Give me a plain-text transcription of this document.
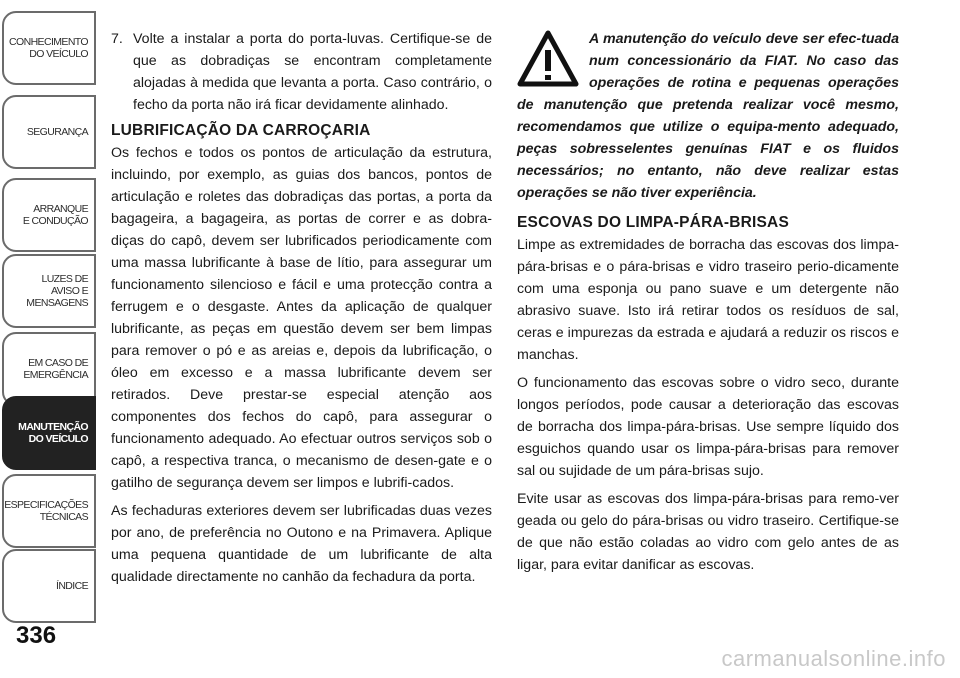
CONHECIMENTO
DO VEÍCULO
SEGURANÇA
ARRANQUE
E CONDUÇÃO
LUZES DE
AVISO E
MENSAGENS
EM CASO DE
EMERGÊNCIA
MANUTENÇÃO
DO VEÍCULO
ESPECIFICAÇÕES
TÉCNICAS
ÍNDICE
336
7. Volte a instalar a porta do porta-luvas. Certifique-se de que as dobradiças se encontram completamente alojadas à medida que levanta a porta. Caso contrário, o fecho da porta não irá ficar devidamente alinhado.
LUBRIFICAÇÃO DA CARROÇARIA

Os fechos e todos os pontos de articulação da estrutura, incluindo, por exemplo, as guias dos bancos, pontos de articulação e roletes das dobradiças das portas, a porta da bagageira, a bagageira, as portas de correr e as dobra-diças do capô, devem ser lubrificados periodicamente com uma massa lubrificante à base de lítio, para assegurar um funcionamento silencioso e fácil e uma protecção contra a ferrugem e o desgaste. Antes da aplicação de qualquer lubrificante, as peças em questão devem ser bem limpas para remover o pó e as areias e, depois da lubrificação, o óleo em excesso e a massa lubrificante devem ser retirados. Deve prestar-se especial atenção aos componentes dos fechos do capô, para assegurar o funcionamento adequado. Ao efectuar outros serviços sob o capô, a respectiva tranca, o mecanismo de desen-gate e o gatilho de segurança devem ser limpos e lubrifi-cados.

As fechaduras exteriores devem ser lubrificadas duas vezes por ano, de preferência no Outono e na Primavera. Aplique uma pequena quantidade de um lubrificante de alta qualidade directamente no canhão da fechadura da porta.

A manutenção do veículo deve ser efec-tuada num concessionário da FIAT. No caso das operações de rotina e pequenas operações de manutenção que pretenda realizar você mesmo, recomendamos que utilize o equipa-mento adequado, peças sobresselentes genuínas FIAT e os fluidos necessários; no entanto, não deve realizar estas operações se não tiver experiência.
ESCOVAS DO LIMPA-PÁRA-BRISAS

Limpe as extremidades de borracha das escovas dos limpa-pára-brisas e o pára-brisas e vidro traseiro perio-dicamente com uma esponja ou pano suave e um detergente não abrasivo suave. Isto irá retirar todos os resíduos de sal, ceras e impurezas da estrada e ajudará a reduzir os riscos e manchas.

O funcionamento das escovas sobre o vidro seco, durante longos períodos, pode causar a deterioração das escovas de borracha dos limpa-pára-brisas. Use sempre líquido dos esguichos quando usar os limpa-pára-brisas para remover sal ou sujidade de um pára-brisas sujo.

Evite usar as escovas dos limpa-pára-brisas para remo-ver geada ou gelo do pára-brisas ou vidro traseiro. Certifique-se de que não estão coladas ao vidro com gelo antes de as ligar, para evitar danificar as escovas.

carmanualsonline.info
